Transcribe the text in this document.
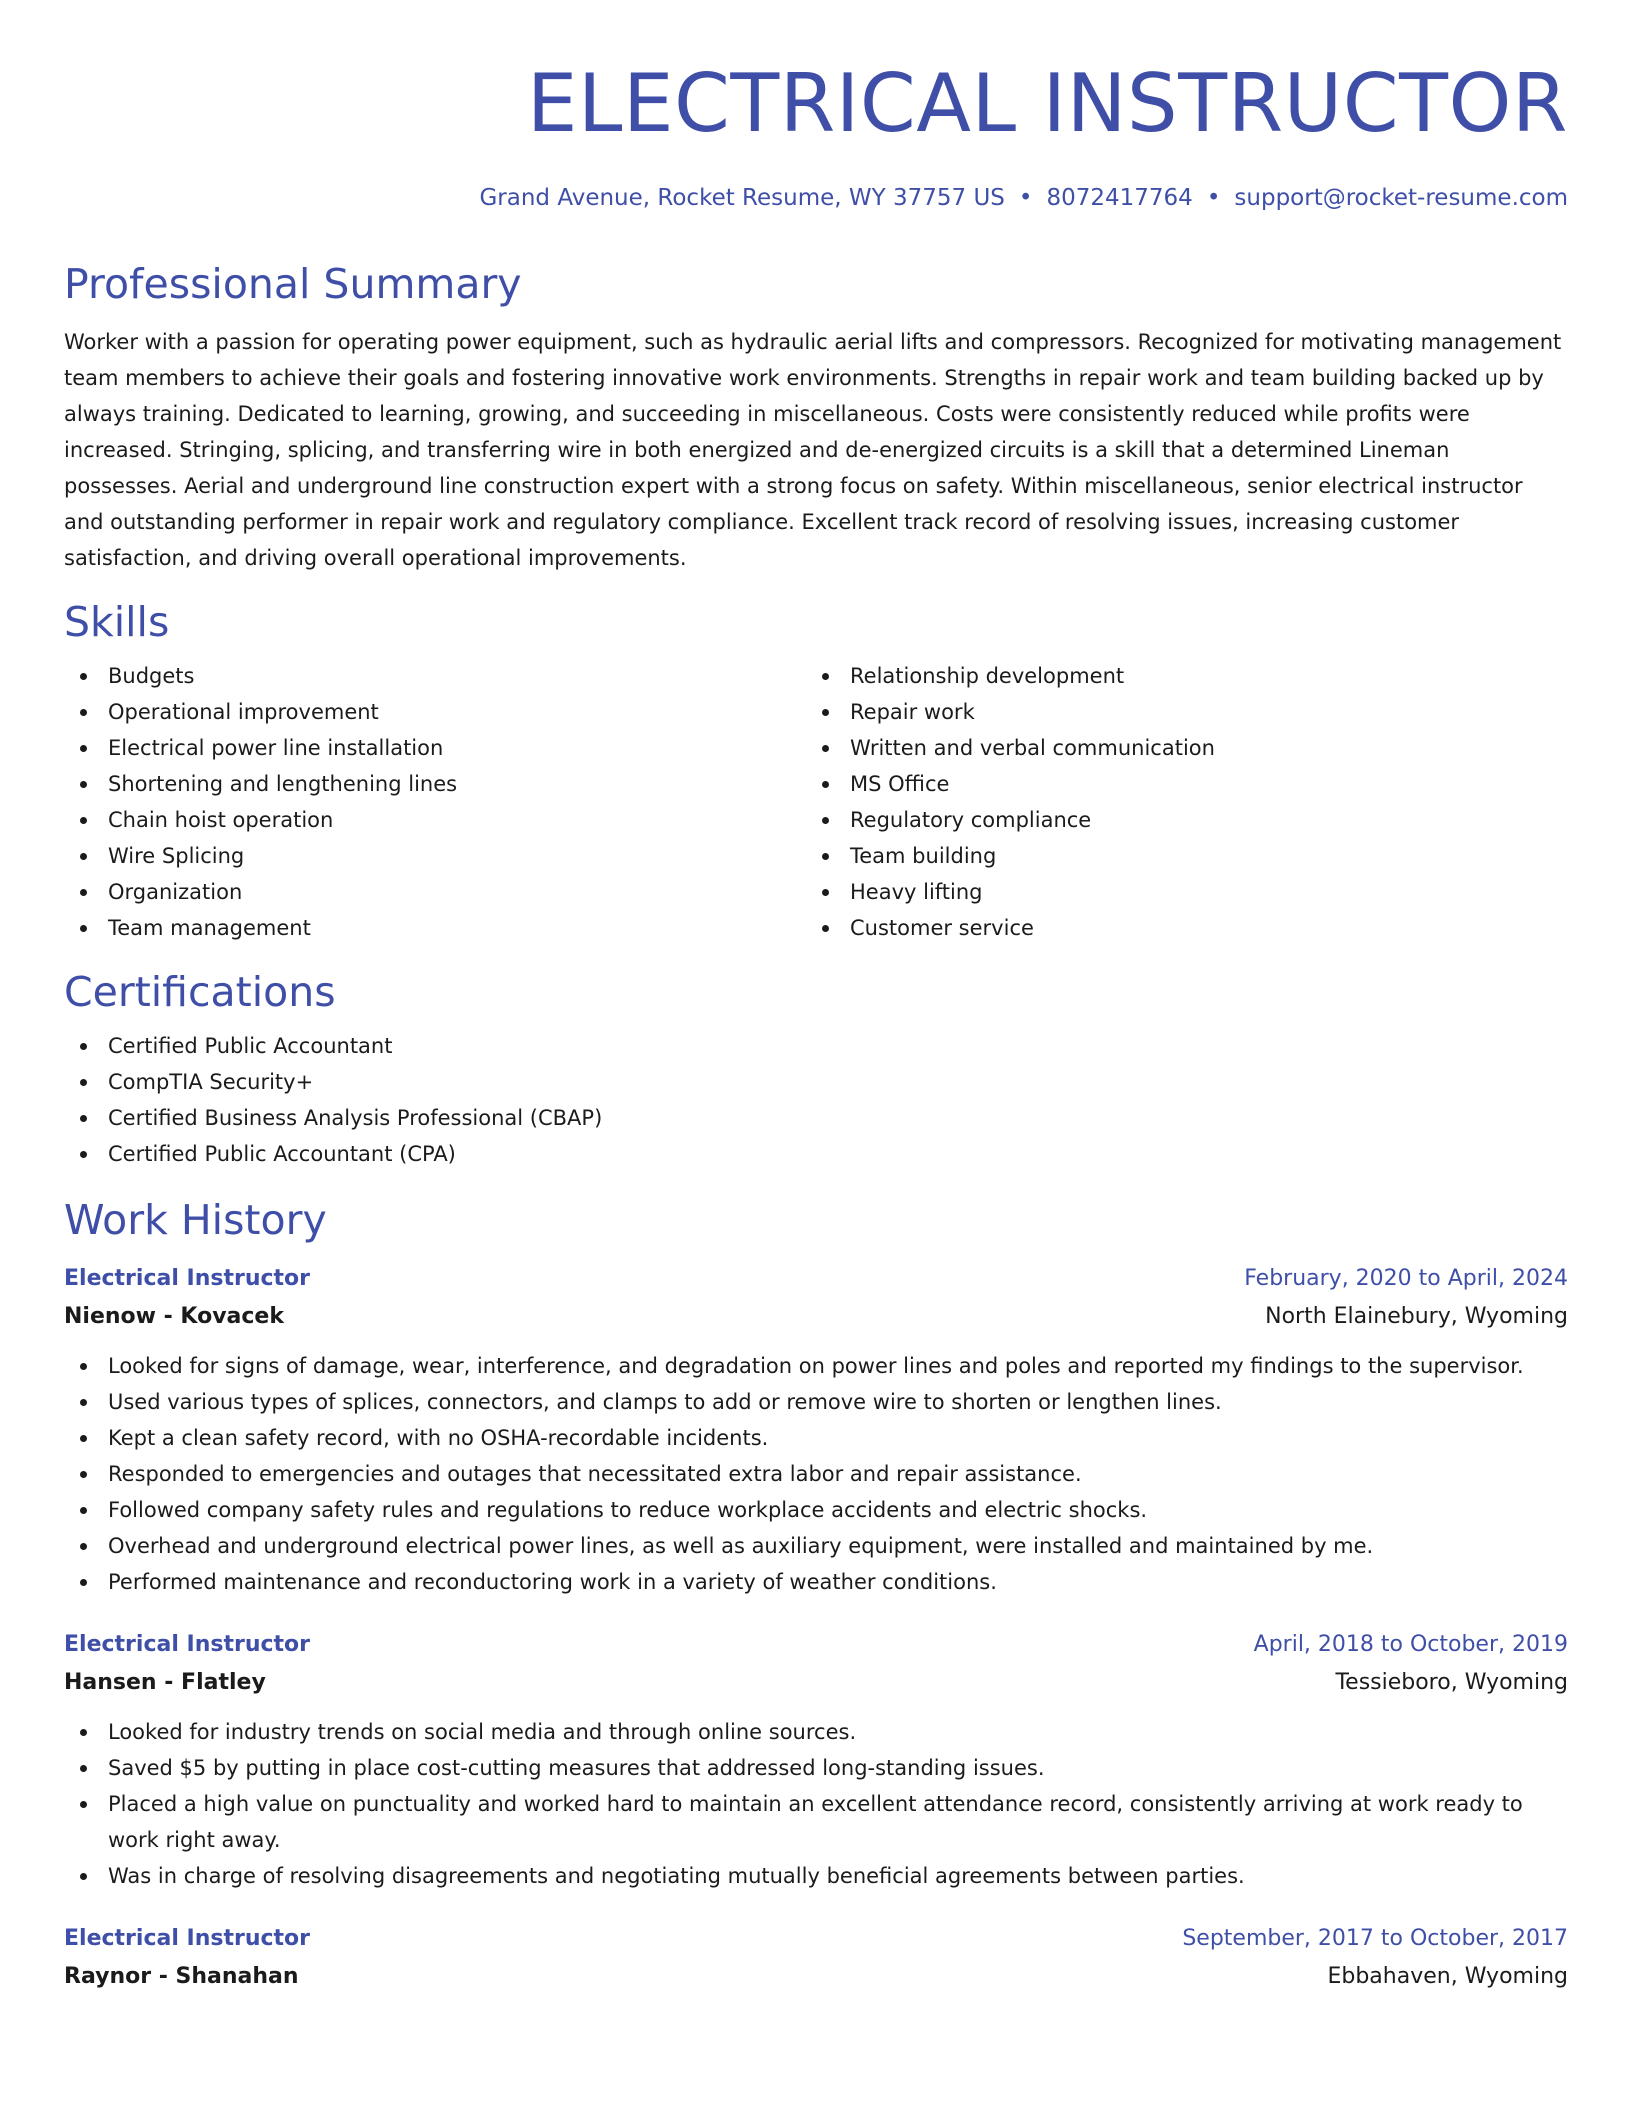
ELECTRICAL INSTRUCTOR
Grand Avenue, Rocket Resume, WY 37757 US • 8072417764 • support@rocket-resume.com
Professional Summary

Worker with a passion for operating power equipment, such as hydraulic aerial lifts and compressors. Recognized for motivating management team members to achieve their goals and fostering innovative work environments. Strengths in repair work and team building backed up by always training. Dedicated to learning, growing, and succeeding in miscellaneous. Costs were consistently reduced while profits were increased. Stringing, splicing, and transferring wire in both energized and de-energized circuits is a skill that a determined Lineman possesses. Aerial and underground line construction expert with a strong focus on safety. Within miscellaneous, senior electrical instructor and outstanding performer in repair work and regulatory compliance. Excellent track record of resolving issues, increasing customer satisfaction, and driving overall operational improvements.

Skills
Budgets
Operational improvement
Electrical power line installation
Shortening and lengthening lines
Chain hoist operation
Wire Splicing
Organization
Team management
Relationship development
Repair work
Written and verbal communication
MS Office
Regulatory compliance
Team building
Heavy lifting
Customer service
Certifications
Certified Public Accountant
CompTIA Security+
Certified Business Analysis Professional (CBAP)
Certified Public Accountant (CPA)
Work History
Electrical Instructor	February, 2020 to April, 2024
Nienow - Kovacek	North Elainebury, Wyoming
Looked for signs of damage, wear, interference, and degradation on power lines and poles and reported my findings to the supervisor.
Used various types of splices, connectors, and clamps to add or remove wire to shorten or lengthen lines.
Kept a clean safety record, with no OSHA-recordable incidents.
Responded to emergencies and outages that necessitated extra labor and repair assistance.
Followed company safety rules and regulations to reduce workplace accidents and electric shocks.
Overhead and underground electrical power lines, as well as auxiliary equipment, were installed and maintained by me.
Performed maintenance and reconductoring work in a variety of weather conditions.
Electrical Instructor	April, 2018 to October, 2019
Hansen - Flatley	Tessieboro, Wyoming
Looked for industry trends on social media and through online sources.
Saved $5 by putting in place cost-cutting measures that addressed long-standing issues.
Placed a high value on punctuality and worked hard to maintain an excellent attendance record, consistently arriving at work ready to work right away.
Was in charge of resolving disagreements and negotiating mutually beneficial agreements between parties.
Electrical Instructor	September, 2017 to October, 2017
Raynor - Shanahan	Ebbahaven, Wyoming
